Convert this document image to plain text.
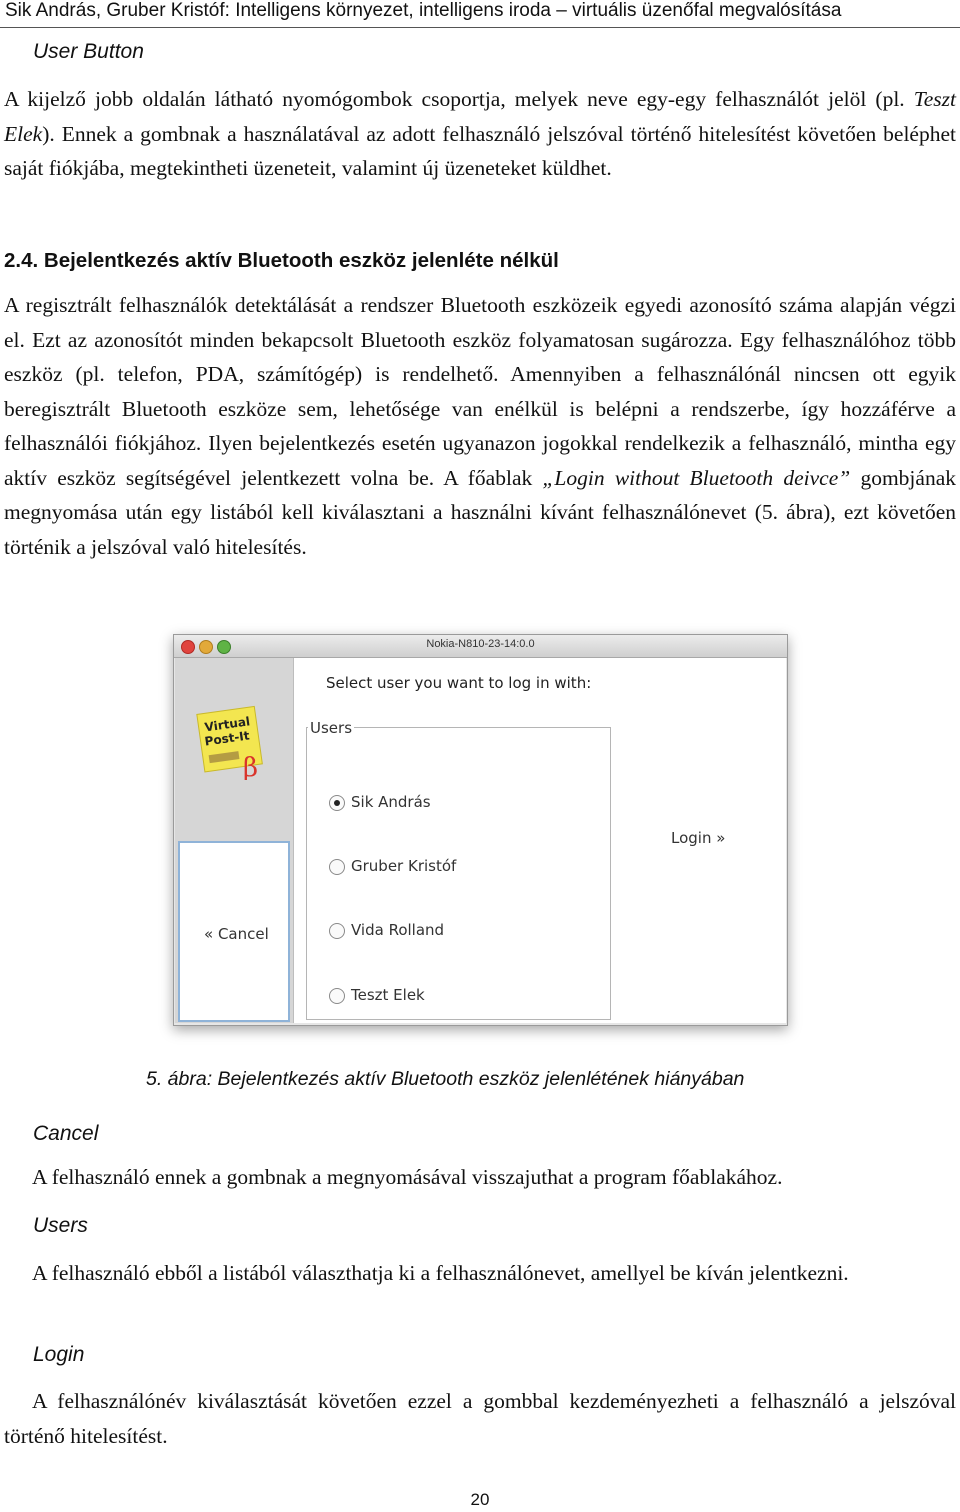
Sik András, Gruber Kristóf: Intelligens környezet, intelligens iroda – virtuális üzenőfal megvalósítása
User Button
A kijelző jobb oldalán látható nyomógombok csoportja, melyek neve egy-egy felhasználót jelöl (pl. Teszt Elek). Ennek a gombnak a használatával az adott felhasználó jelszóval történő hitelesítést követően beléphet saját fiókjába, megtekintheti üzeneteit, valamint új üzeneteket küldhet.
2.4. Bejelentkezés aktív Bluetooth eszköz jelenléte nélkül
A regisztrált felhasználók detektálását a rendszer Bluetooth eszközeik egyedi azonosító száma alapján végzi el. Ezt az azonosítót minden bekapcsolt Bluetooth eszköz folyamatosan sugározza. Egy felhasználóhoz több eszköz (pl. telefon, PDA, számítógép) is rendelhető. Amennyiben a felhasználónál nincsen ott egyik beregisztrált Bluetooth eszköze sem, lehetősége van enélkül is belépni a rendszerbe, így hozzáférve a felhasználói fiókjához. Ilyen bejelentkezés esetén ugyanazon jogokkal rendelkezik a felhasználó, mintha egy aktív eszköz segítségével jelentkezett volna be. A főablak „Login without Bluetooth deivce” gombjának megnyomása után egy listából kell kiválasztani a használni kívánt felhasználónevet (5. ábra), ezt követően történik a jelszóval való hitelesítés.
Nokia-N810-23-14:0.0
Virtual
Post-It
β
« Cancel
Select user you want to log in with:
Sik András
Gruber Kristóf
Vida Rolland
Teszt Elek
Users
Login »
5. ábra: Bejelentkezés aktív Bluetooth eszköz jelenlétének hiányában
Cancel
A felhasználó ennek a gombnak a megnyomásával visszajuthat a program főablakához.
Users
A felhasználó ebből a listából választhatja ki a felhasználónevet, amellyel be kíván jelentkezni.
Login
A felhasználónév kiválasztását követően ezzel a gombbal kezdeményezheti a felhasználó a jelszóval történő hitelesítést.
20
